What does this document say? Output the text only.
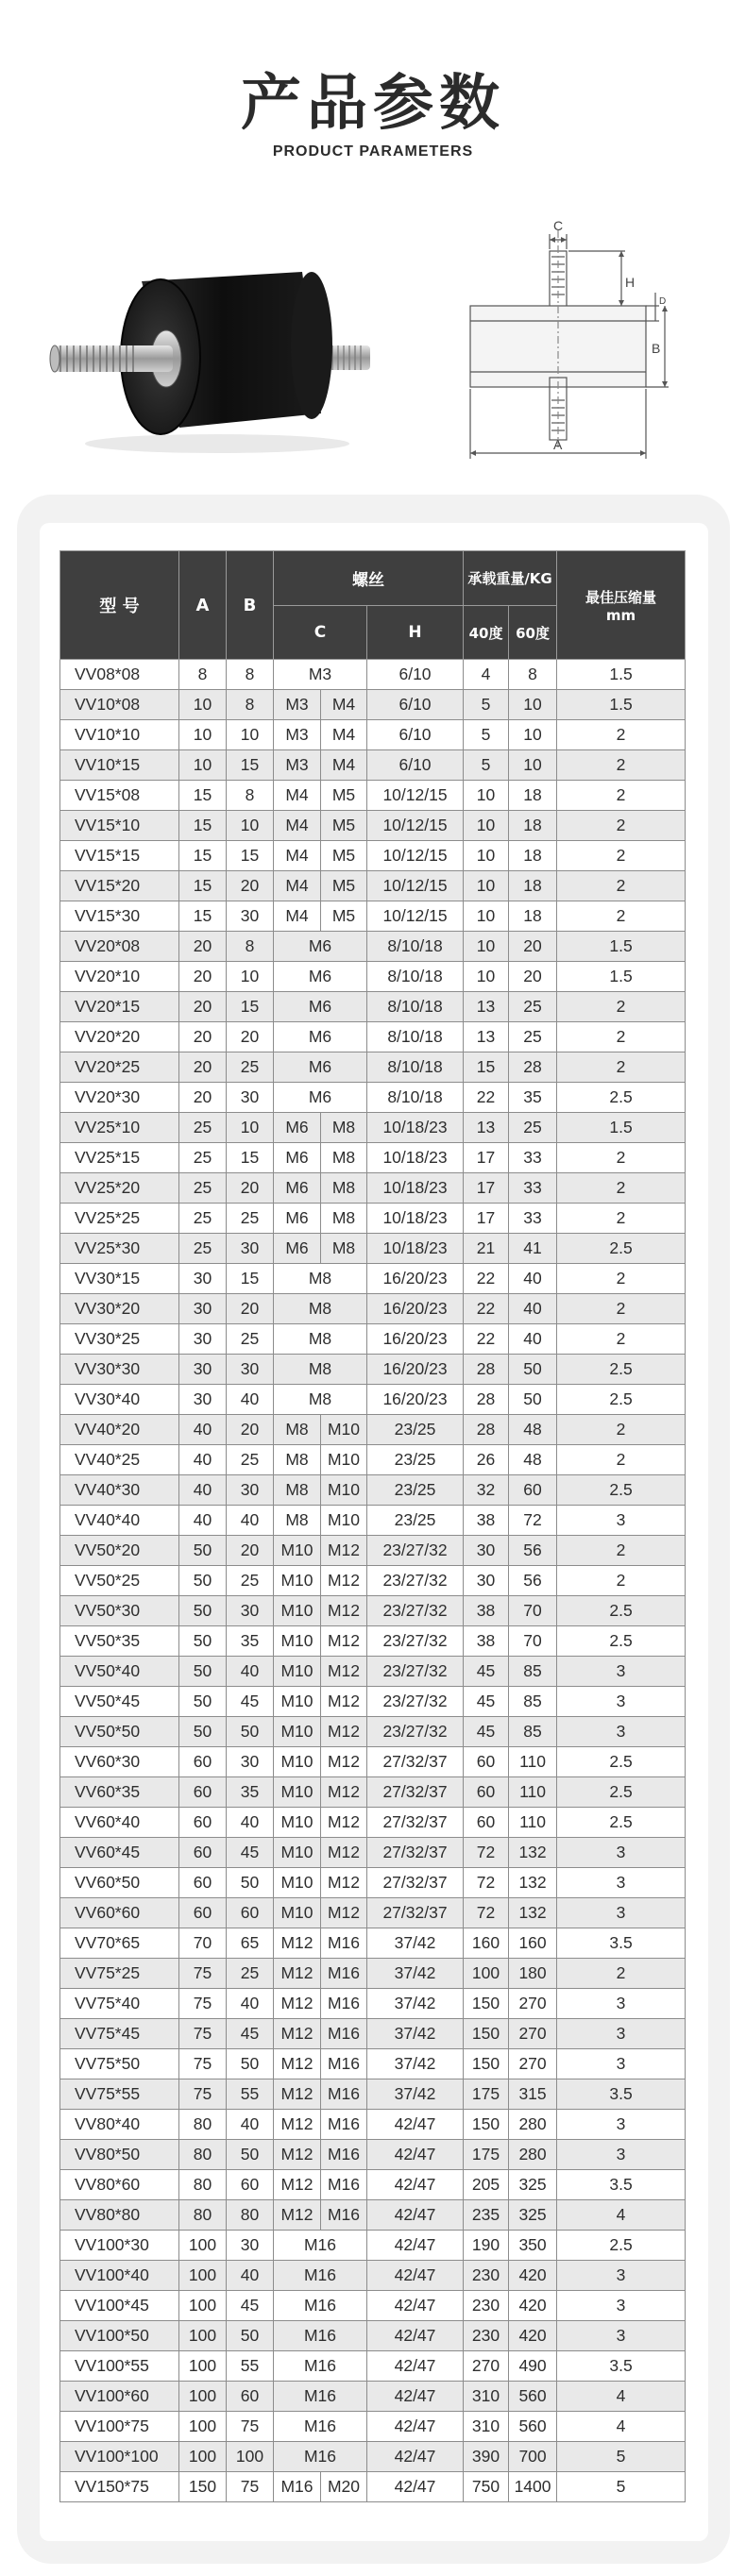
产品参数
PRODUCT PARAMETERS
C
H
D
B
A
型 号	A	B	螺丝			承载重量/KG		最佳压缩量
mm

			C		H	40度	60度	
VV08*08	8	8	M3		6/10	4	8	1.5
VV10*08	10	8	M3	M4	6/10	5	10	1.5
VV10*10	10	10	M3	M4	6/10	5	10	2
VV10*15	10	15	M3	M4	6/10	5	10	2
VV15*08	15	8	M4	M5	10/12/15	10	18	2
VV15*10	15	10	M4	M5	10/12/15	10	18	2
VV15*15	15	15	M4	M5	10/12/15	10	18	2
VV15*20	15	20	M4	M5	10/12/15	10	18	2
VV15*30	15	30	M4	M5	10/12/15	10	18	2
VV20*08	20	8	M6		8/10/18	10	20	1.5
VV20*10	20	10	M6		8/10/18	10	20	1.5
VV20*15	20	15	M6		8/10/18	13	25	2
VV20*20	20	20	M6		8/10/18	13	25	2
VV20*25	20	25	M6		8/10/18	15	28	2
VV20*30	20	30	M6		8/10/18	22	35	2.5
VV25*10	25	10	M6	M8	10/18/23	13	25	1.5
VV25*15	25	15	M6	M8	10/18/23	17	33	2
VV25*20	25	20	M6	M8	10/18/23	17	33	2
VV25*25	25	25	M6	M8	10/18/23	17	33	2
VV25*30	25	30	M6	M8	10/18/23	21	41	2.5
VV30*15	30	15	M8		16/20/23	22	40	2
VV30*20	30	20	M8		16/20/23	22	40	2
VV30*25	30	25	M8		16/20/23	22	40	2
VV30*30	30	30	M8		16/20/23	28	50	2.5
VV30*40	30	40	M8		16/20/23	28	50	2.5
VV40*20	40	20	M8	M10	23/25	28	48	2
VV40*25	40	25	M8	M10	23/25	26	48	2
VV40*30	40	30	M8	M10	23/25	32	60	2.5
VV40*40	40	40	M8	M10	23/25	38	72	3
VV50*20	50	20	M10	M12	23/27/32	30	56	2
VV50*25	50	25	M10	M12	23/27/32	30	56	2
VV50*30	50	30	M10	M12	23/27/32	38	70	2.5
VV50*35	50	35	M10	M12	23/27/32	38	70	2.5
VV50*40	50	40	M10	M12	23/27/32	45	85	3
VV50*45	50	45	M10	M12	23/27/32	45	85	3
VV50*50	50	50	M10	M12	23/27/32	45	85	3
VV60*30	60	30	M10	M12	27/32/37	60	110	2.5
VV60*35	60	35	M10	M12	27/32/37	60	110	2.5
VV60*40	60	40	M10	M12	27/32/37	60	110	2.5
VV60*45	60	45	M10	M12	27/32/37	72	132	3
VV60*50	60	50	M10	M12	27/32/37	72	132	3
VV60*60	60	60	M10	M12	27/32/37	72	132	3
VV70*65	70	65	M12	M16	37/42	160	160	3.5
VV75*25	75	25	M12	M16	37/42	100	180	2
VV75*40	75	40	M12	M16	37/42	150	270	3
VV75*45	75	45	M12	M16	37/42	150	270	3
VV75*50	75	50	M12	M16	37/42	150	270	3
VV75*55	75	55	M12	M16	37/42	175	315	3.5
VV80*40	80	40	M12	M16	42/47	150	280	3
VV80*50	80	50	M12	M16	42/47	175	280	3
VV80*60	80	60	M12	M16	42/47	205	325	3.5
VV80*80	80	80	M12	M16	42/47	235	325	4
VV100*30	100	30	M16		42/47	190	350	2.5
VV100*40	100	40	M16		42/47	230	420	3
VV100*45	100	45	M16		42/47	230	420	3
VV100*50	100	50	M16		42/47	230	420	3
VV100*55	100	55	M16		42/47	270	490	3.5
VV100*60	100	60	M16		42/47	310	560	4
VV100*75	100	75	M16		42/47	310	560	4
VV100*100	100	100	M16		42/47	390	700	5
VV150*75	150	75	M16	M20	42/47	750	1400	5
